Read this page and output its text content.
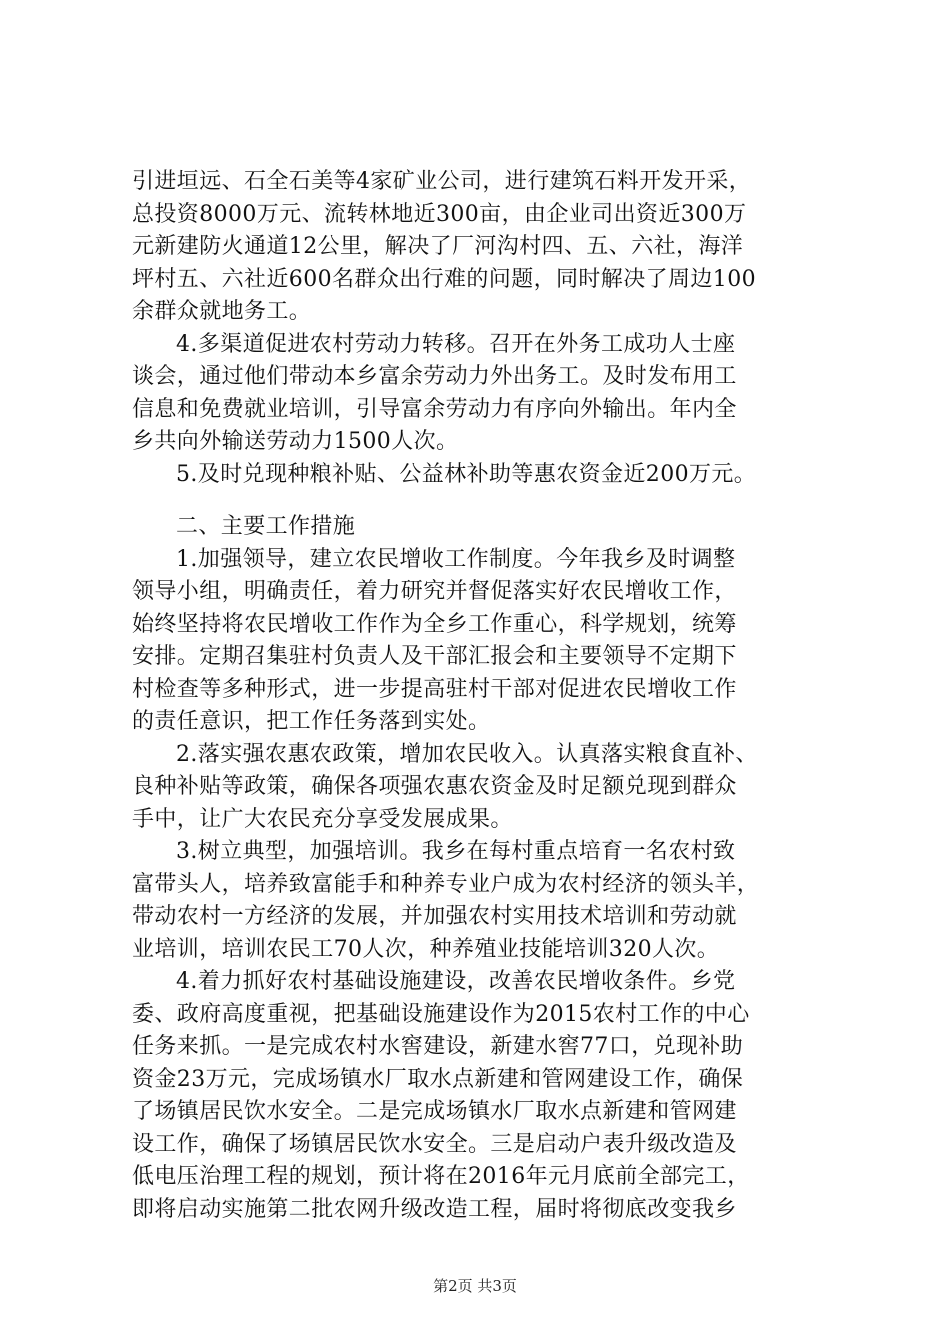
引进垣远、石全石美等4家矿业公司，进行建筑石料开发开采，
总投资8000万元、流转林地近300亩，由企业司出资近300万
元新建防火通道12公里，解决了厂河沟村四、五、六社，海洋
坪村五、六社近600名群众出行难的问题，同时解决了周边100
余群众就地务工。
4.多渠道促进农村劳动力转移。召开在外务工成功人士座
谈会，通过他们带动本乡富余劳动力外出务工。及时发布用工
信息和免费就业培训，引导富余劳动力有序向外输出。年内全
乡共向外输送劳动力1500人次。
5.及时兑现种粮补贴、公益林补助等惠农资金近200万元。
二、主要工作措施
1.加强领导，建立农民增收工作制度。今年我乡及时调整
领导小组，明确责任，着力研究并督促落实好农民增收工作，
始终坚持将农民增收工作作为全乡工作重心，科学规划，统筹
安排。定期召集驻村负责人及干部汇报会和主要领导不定期下
村检查等多种形式，进一步提高驻村干部对促进农民增收工作
的责任意识，把工作任务落到实处。
2.落实强农惠农政策，增加农民收入。认真落实粮食直补、
良种补贴等政策，确保各项强农惠农资金及时足额兑现到群众
手中，让广大农民充分享受发展成果。
3.树立典型，加强培训。我乡在每村重点培育一名农村致
富带头人，培养致富能手和种养专业户成为农村经济的领头羊，
带动农村一方经济的发展，并加强农村实用技术培训和劳动就
业培训，培训农民工70人次，种养殖业技能培训320人次。
4.着力抓好农村基础设施建设，改善农民增收条件。乡党
委、政府高度重视，把基础设施建设作为2015农村工作的中心
任务来抓。一是完成农村水窖建设，新建水窖77口，兑现补助
资金23万元，完成场镇水厂取水点新建和管网建设工作，确保
了场镇居民饮水安全。二是完成场镇水厂取水点新建和管网建
设工作，确保了场镇居民饮水安全。三是启动户表升级改造及
低电压治理工程的规划，预计将在2016年元月底前全部完工，
即将启动实施第二批农网升级改造工程，届时将彻底改变我乡
第2页 共3页
